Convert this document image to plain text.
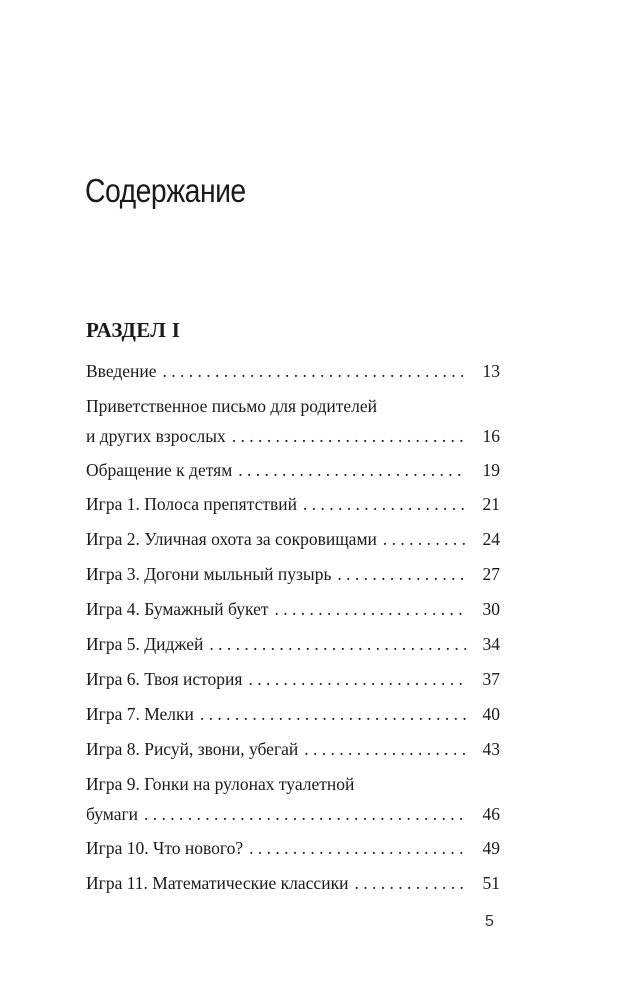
Содержание
РАЗДЕЛ I
Введение . . .	13
Приветственное письмо для родителей
и других взрослых . . .	16
Обращение к детям . . .	19
Игра 1. Полоса препятствий . . .	21
Игра 2. Уличная охота за сокровищами . . .	24
Игра 3. Догони мыльный пузырь . . .	27
Игра 4. Бумажный букет . . .	30
Игра 5. Диджей . . .	34
Игра 6. Твоя история . . .	37
Игра 7. Мелки . . .	40
Игра 8. Рисуй, звони, убегай . . .	43
Игра 9. Гонки на рулонах туалетной
бумаги . . .	46
Игра 10. Что нового? . . .	49
Игра 11. Математические классики . . .	51
5
